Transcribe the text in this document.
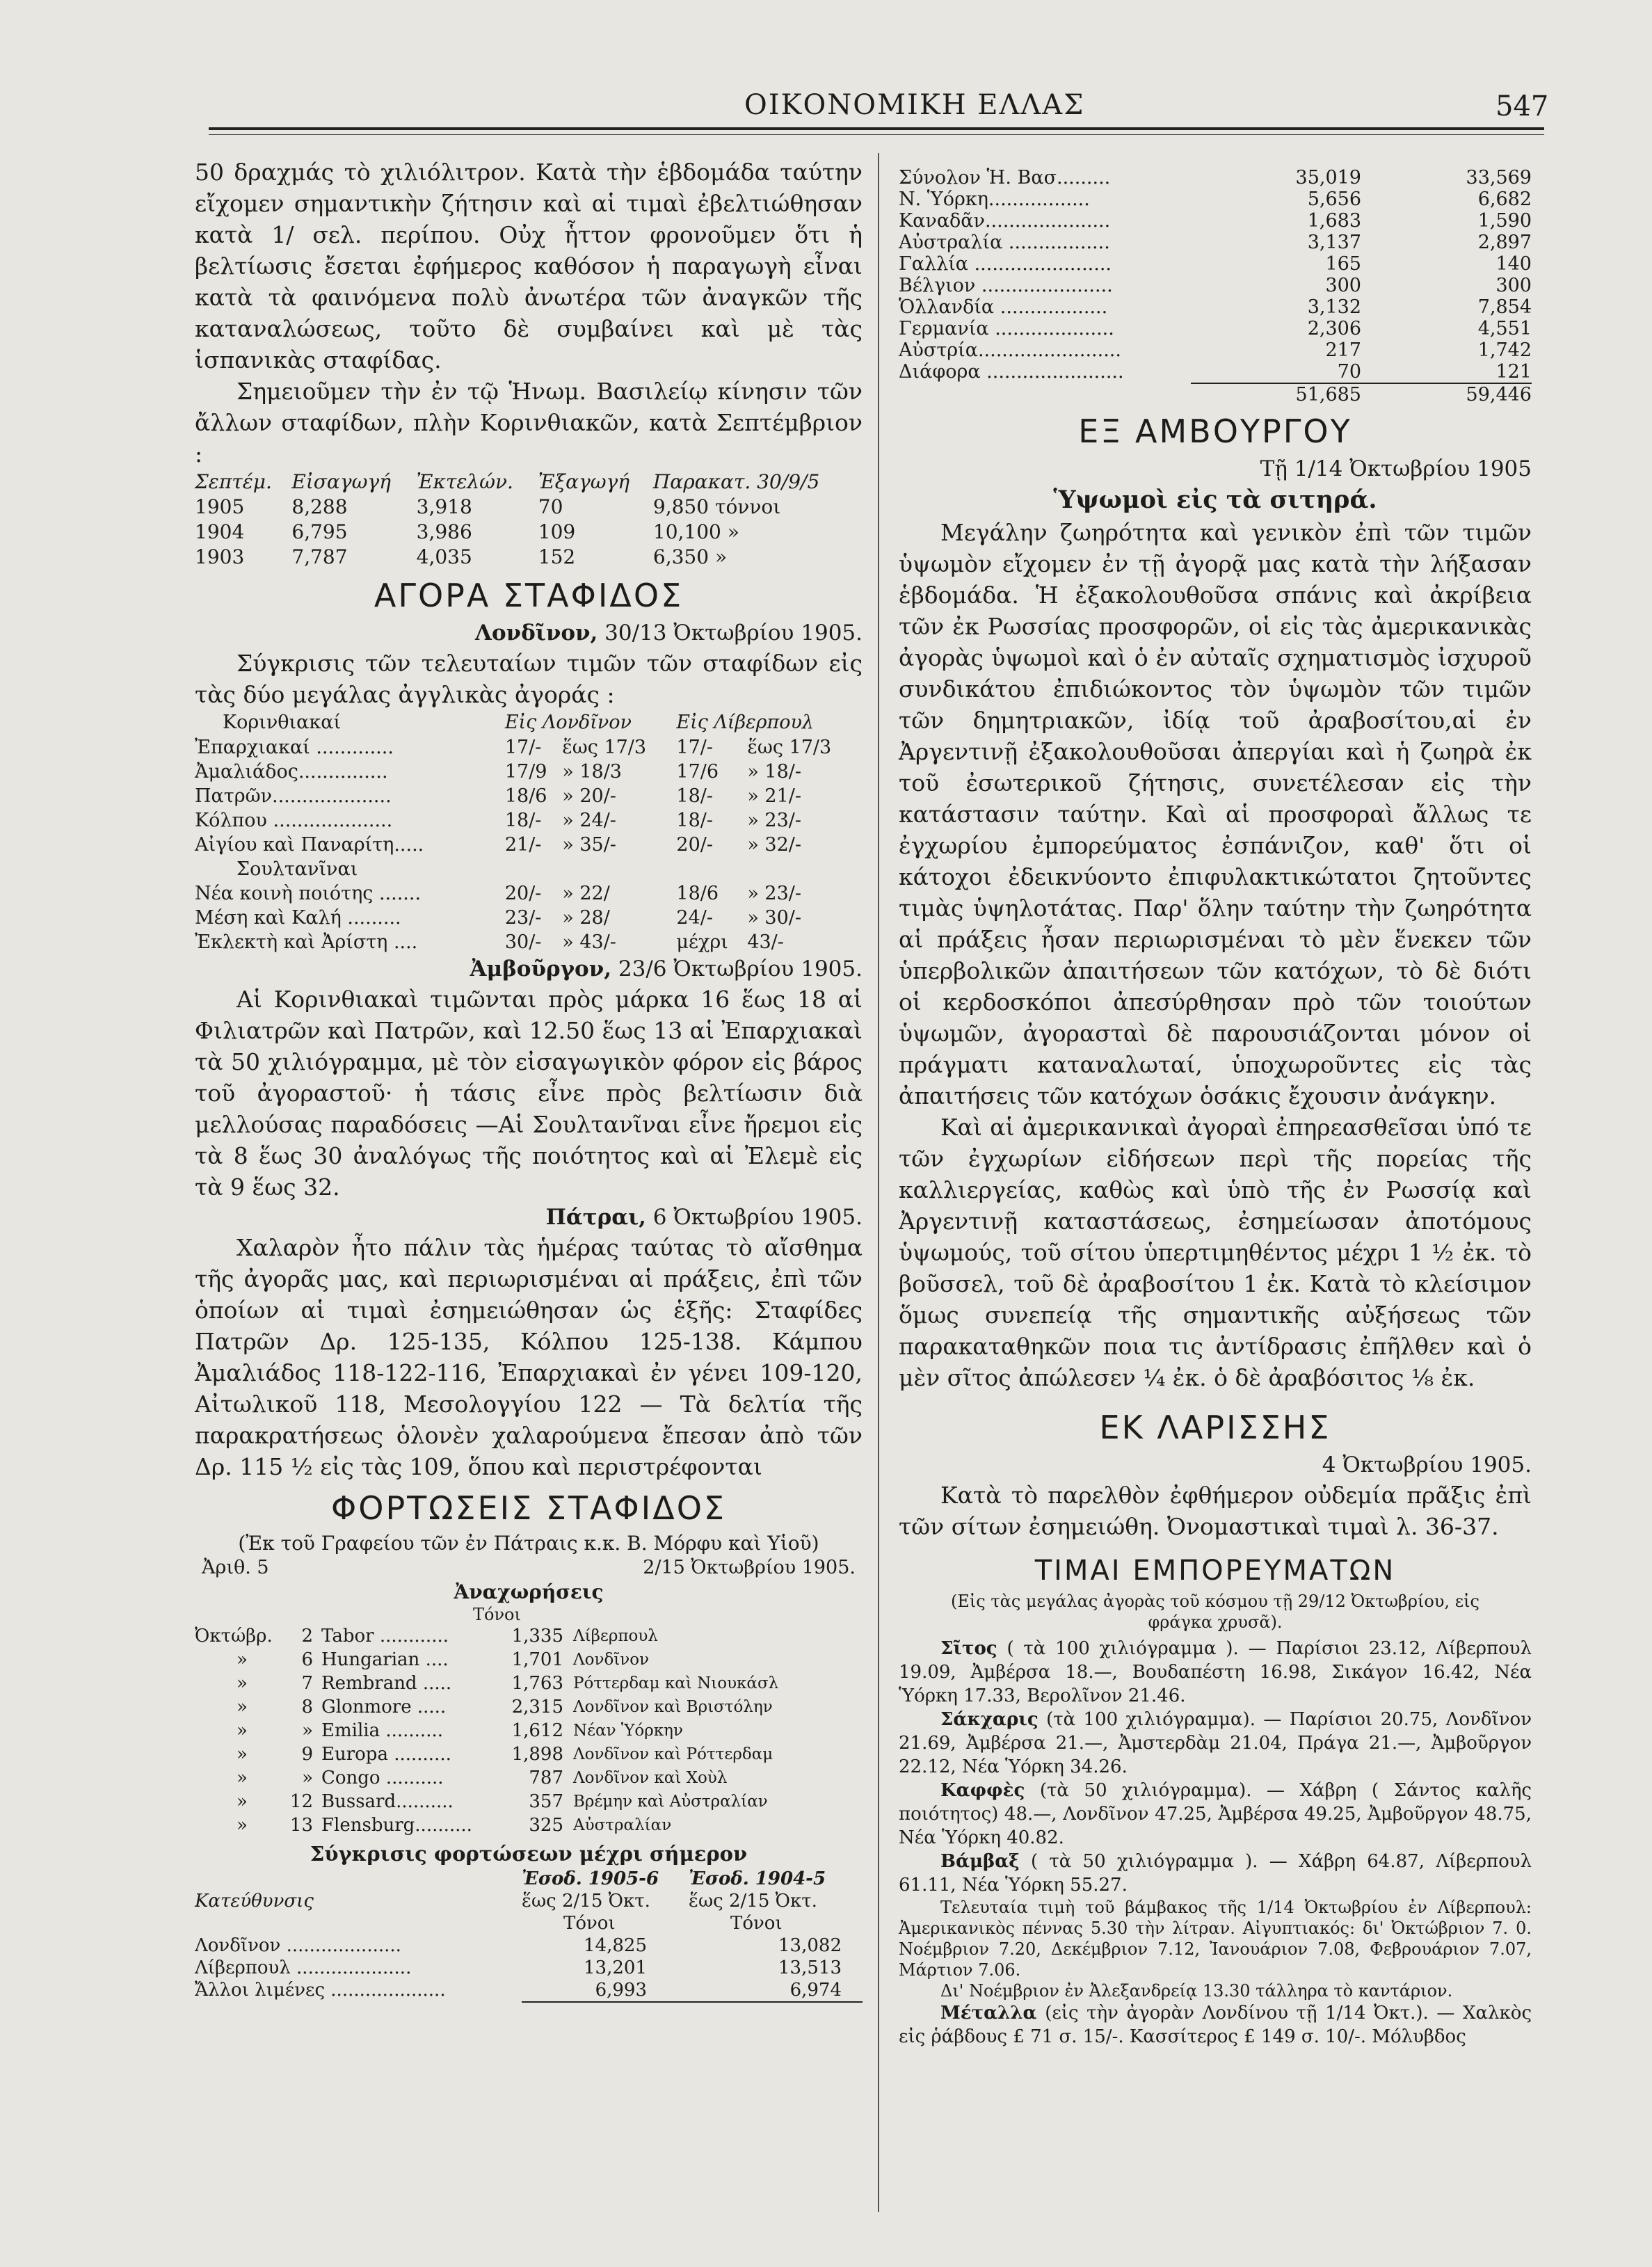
ΟΙΚΟΝΟΜΙΚΗ ΕΛΛΑΣ	547

50 δραχμάς τὸ χιλιόλιτρον. Κατὰ τὴν ἑβδομάδα ταύτην εἴχομεν σημαντικὴν ζήτησιν καὶ αἱ τιμαὶ ἐβελτιώθησαν κατὰ 1/ σελ. περίπου. Οὐχ ἧττον φρονοῦμεν ὅτι ἡ βελτίωσις ἔσεται ἐφήμερος καθόσον ἡ παραγωγὴ εἶναι κατὰ τὰ φαινόμενα πολὺ ἀνωτέρα τῶν ἀναγκῶν τῆς καταναλώσεως, τοῦτο δὲ συμβαίνει καὶ μὲ τὰς ἱσπανικὰς σταφίδας.

Σημειοῦμεν τὴν ἐν τῷ Ἡνωμ. Βασιλείῳ κίνησιν τῶν ἄλλων σταφίδων, πλὴν Κορινθιακῶν, κατὰ Σεπτέμβριον :

Σεπτέμ.	Εἰσαγωγή	Ἐκτελών.	Ἐξαγωγή	Παρακατ. 30/9/5
1905	8,288	3,918	70	9,850 τόννοι
1904	6,795	3,986	109	10,100 »
1903	7,787	4,035	152	6,350 »
ΑΓΟΡΑ ΣΤΑΦΙΔΟΣ

Λονδῖνον, 30/13 Ὀκτωβρίου 1905.

Σύγκρισις τῶν τελευταίων τιμῶν τῶν σταφίδων εἰς τὰς δύο μεγάλας ἀγγλικὰς ἀγοράς :

Κορινθιακαί	Εἰς Λονδῖνον		Εἰς Λίβερπουλ	
Ἐπαρχιακαί .............	17/-	ἕως 17/3	17/-	ἕως 17/3
Ἀμαλιάδος...............	17/9	» 18/3	17/6	» 18/-
Πατρῶν....................	18/6	» 20/-	18/-	» 21/-
Κόλπου ....................	18/-	» 24/-	18/-	» 23/-
Αἰγίου καὶ Παναρίτη.....	21/-	» 35/-	20/-	» 32/-
Σουλτανῖναι				
Νέα κοινὴ ποιότης .......	20/-	» 22/	18/6	» 23/-
Μέση καὶ Καλή .........	23/-	» 28/	24/-	» 30/-
Ἐκλεκτὴ καὶ Ἀρίστη ....	30/-	» 43/-	μέχρι	43/-

Ἀμβοῦργον, 23/6 Ὀκτωβρίου 1905.

Αἱ Κορινθιακαὶ τιμῶνται πρὸς μάρκα 16 ἕως 18 αἱ Φιλιατρῶν καὶ Πατρῶν, καὶ 12.50 ἕως 13 αἱ Ἐπαρχιακαὶ τὰ 50 χιλιόγραμμα, μὲ τὸν εἰσαγωγικὸν φόρον εἰς βάρος τοῦ ἀγοραστοῦ· ἡ τάσις εἶνε πρὸς βελτίωσιν διὰ μελλούσας παραδόσεις —Αἱ Σουλτανῖναι εἶνε ἤρεμοι εἰς τὰ 8 ἕως 30 ἀναλόγως τῆς ποιότητος καὶ αἱ Ἐλεμὲ εἰς τὰ 9 ἕως 32.

Πάτραι, 6 Ὀκτωβρίου 1905.

Χαλαρὸν ἦτο πάλιν τὰς ἡμέρας ταύτας τὸ αἴσθημα τῆς ἀγορᾶς μας, καὶ περιωρισμέναι αἱ πράξεις, ἐπὶ τῶν ὁποίων αἱ τιμαὶ ἐσημειώθησαν ὡς ἑξῆς: Σταφίδες Πατρῶν Δρ. 125-135, Κόλπου 125-138. Κάμπου Ἀμαλιάδος 118-122-116, Ἐπαρχιακαὶ ἐν γένει 109-120, Αἰτωλικοῦ 118, Μεσολογγίου 122 — Τὰ δελτία τῆς παρακρατήσεως ὁλονὲν χαλαρούμενα ἔπεσαν ἀπὸ τῶν Δρ. 115 ½ εἰς τὰς 109, ὅπου καὶ περιστρέφονται

ΦΟΡΤΩΣΕΙΣ ΣΤΑΦΙΔΟΣ

(Ἐκ τοῦ Γραφείου τῶν ἐν Πάτραις κ.κ. Β. Μόρφυ καὶ Υἱοῦ)

Ἀριθ. 5	2/15 Ὀκτωβρίου 1905.

Ἀναχωρήσεις

Τόνοι

Ὀκτώβρ.	2	Tabor ............	1,335	Λίβερπουλ
»	6	Hungarian ....	1,701	Λονδῖνον
»	7	Rembrand .....	1,763	Ρόττερδαμ καὶ Νιουκάσλ
»	8	Glonmore .....	2,315	Λονδῖνον καὶ Βριστόλην
»	»	Emilia ..........	1,612	Νέαν Ὑόρκην
»	9	Europa ..........	1,898	Λονδῖνον καὶ Ρόττερδαμ
»	»	Congo ..........	787	Λονδῖνον καὶ Χοὺλ
»	12	Bussard..........	357	Βρέμην καὶ Αὐστραλίαν
»	13	Flensburg..........	325	Αὐστραλίαν

Σύγκρισις φορτώσεων μέχρι σήμερον

	Ἐσοδ. 1905-6	Ἐσοδ. 1904-5
Κατεύθυνσις	ἕως 2/15 Ὀκτ.	ἕως 2/15 Ὀκτ.
	Τόνοι	Τόνοι
Λονδῖνον ....................	14,825	13,082
Λίβερπουλ ....................	13,201	13,513
Ἄλλοι λιμένες ....................	6,993	6,974
Σύνολον Ἡ. Βασ.........	35,019	33,569
Ν. Ὑόρκη.................	5,656	6,682
Καναδᾶν.....................	1,683	1,590
Αὐστραλία .................	3,137	2,897
Γαλλία .......................	165	140
Βέλγιον ......................	300	300
Ὁλλανδία ..................	3,132	7,854
Γερμανία ....................	2,306	4,551
Αὐστρία........................	217	1,742
Διάφορα .......................	70	121
	51,685	59,446
ΕΞ ΑΜΒΟΥΡΓΟΥ

Τῇ 1/14 Ὀκτωβρίου 1905

Ὑψωμοὶ εἰς τὰ σιτηρά.

Μεγάλην ζωηρότητα καὶ γενικὸν ἐπὶ τῶν τιμῶν ὑψωμὸν εἴχομεν ἐν τῇ ἀγορᾷ μας κατὰ τὴν λήξασαν ἑβδομάδα. Ἡ ἐξακολουθοῦσα σπάνις καὶ ἀκρίβεια τῶν ἐκ Ρωσσίας προσφορῶν, οἱ εἰς τὰς ἀμερικανικὰς ἀγορὰς ὑψωμοὶ καὶ ὁ ἐν αὐταῖς σχηματισμὸς ἰσχυροῦ συνδικάτου ἐπιδιώκοντος τὸν ὑψωμὸν τῶν τιμῶν τῶν δημητριακῶν, ἰδίᾳ τοῦ ἀραβοσίτου,αἱ ἐν Ἀργεντινῇ ἐξακολουθοῦσαι ἀπεργίαι καὶ ἡ ζωηρὰ ἐκ τοῦ ἐσωτερικοῦ ζήτησις, συνετέλεσαν εἰς τὴν κατάστασιν ταύτην. Καὶ αἱ προσφοραὶ ἄλλως τε ἐγχωρίου ἐμπορεύματος ἐσπάνιζον, καθ' ὅτι οἱ κάτοχοι ἐδεικνύοντο ἐπιφυλακτικώτατοι ζητοῦντες τιμὰς ὑψηλοτάτας. Παρ' ὅλην ταύτην τὴν ζωηρότητα αἱ πράξεις ἦσαν περιωρισμέναι τὸ μὲν ἕνεκεν τῶν ὑπερβολικῶν ἀπαιτήσεων τῶν κατόχων, τὸ δὲ διότι οἱ κερδοσκόποι ἀπεσύρθησαν πρὸ τῶν τοιούτων ὑψωμῶν, ἀγορασταὶ δὲ παρουσιάζονται μόνον οἱ πράγματι καταναλωταί, ὑποχωροῦντες εἰς τὰς ἀπαιτήσεις τῶν κατόχων ὁσάκις ἔχουσιν ἀνάγκην.

Καὶ αἱ ἀμερικανικαὶ ἀγοραὶ ἐπηρεασθεῖσαι ὑπό τε τῶν ἐγχωρίων εἰδήσεων περὶ τῆς πορείας τῆς καλλιεργείας, καθὼς καὶ ὑπὸ τῆς ἐν Ρωσσίᾳ καὶ Ἀργεντινῇ καταστάσεως, ἐσημείωσαν ἀποτόμους ὑψωμούς, τοῦ σίτου ὑπερτιμηθέντος μέχρι 1 ½ ἐκ. τὸ βοῦσσελ, τοῦ δὲ ἀραβοσίτου 1 ἐκ. Κατὰ τὸ κλείσιμον ὅμως συνεπείᾳ τῆς σημαντικῆς αὐξήσεως τῶν παρακαταθηκῶν ποια τις ἀντίδρασις ἐπῆλθεν καὶ ὁ μὲν σῖτος ἀπώλεσεν ¼ ἐκ. ὁ δὲ ἀραβόσιτος ⅛ ἐκ.

ΕΚ ΛΑΡΙΣΣΗΣ

4 Ὀκτωβρίου 1905.

Κατὰ τὸ παρελθὸν ἐφθήμερον οὐδεμία πρᾶξις ἐπὶ τῶν σίτων ἐσημειώθη. Ὀνομαστικαὶ τιμαὶ λ. 36-37.

ΤΙΜΑΙ ΕΜΠΟΡΕΥΜΑΤΩΝ

(Εἰς τὰς μεγάλας ἀγορὰς τοῦ κόσμου τῇ 29/12 Ὀκτωβρίου, εἰς φράγκα χρυσᾶ).

Σῖτος ( τὰ 100 χιλιόγραμμα ). — Παρίσιοι 23.12, Λίβερπουλ 19.09, Ἀμβέρσα 18.—, Βουδαπέστη 16.98, Σικάγον 16.42, Νέα Ὑόρκη 17.33, Βερολῖνον 21.46.

Σάκχαρις (τὰ 100 χιλιόγραμμα). — Παρίσιοι 20.75, Λονδῖνον 21.69, Ἀμβέρσα 21.—, Ἀμστερδὰμ 21.04, Πράγα 21.—, Ἀμβοῦργον 22.12, Νέα Ὑόρκη 34.26.

Καφφὲς (τὰ 50 χιλιόγραμμα). — Χάβρη ( Σάντος καλῆς ποιότητος) 48.—, Λονδῖνον 47.25, Ἀμβέρσα 49.25, Ἀμβοῦργον 48.75, Νέα Ὑόρκη 40.82.

Βάμβαξ ( τὰ 50 χιλιόγραμμα ). — Χάβρη 64.87, Λίβερπουλ 61.11, Νέα Ὑόρκη 55.27.

Τελευταία τιμὴ τοῦ βάμβακος τῆς 1/14 Ὀκτωβρίου ἐν Λίβερπουλ: Ἀμερικανικὸς πέννας 5.30 τὴν λίτραν. Αἰγυπτιακός: δι' Ὀκτώβριον 7. 0. Νοέμβριον 7.20, Δεκέμβριον 7.12, Ἰανουάριον 7.08, Φεβρουάριον 7.07, Μάρτιον 7.06.

Δι' Νοέμβριον ἐν Ἀλεξανδρείᾳ 13.30 τάλληρα τὸ καντάριον.

Μέταλλα (εἰς τὴν ἀγορὰν Λονδίνου τῇ 1/14 Ὀκτ.). — Χαλκὸς εἰς ῥάβδους £ 71 σ. 15/-. Κασσίτερος £ 149 σ. 10/-. Μόλυβδος
